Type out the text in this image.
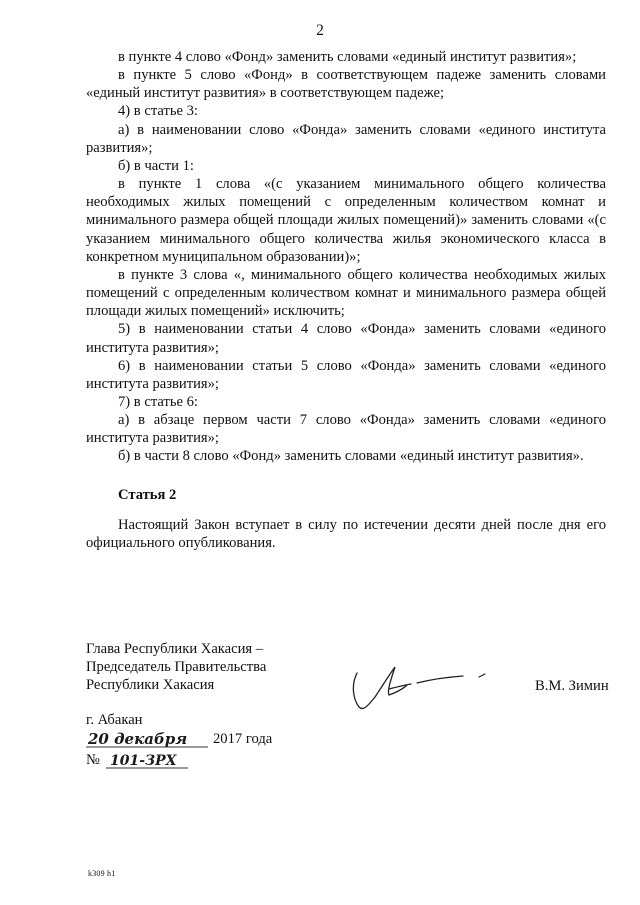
2

в пункте 4 слово «Фонд» заменить словами «единый институт развития»;

в пункте 5 слово «Фонд» в соответствующем падеже заменить словами «единый институт развития» в соответствующем падеже;

4) в статье 3:

а) в наименовании слово «Фонда» заменить словами «единого института развития»;

б) в части 1:

в пункте 1 слова «(с указанием минимального общего количества необходимых жилых помещений с определенным количеством комнат и минимального размера общей площади жилых помещений)» заменить словами «(с указанием минимального общего количества жилья экономического класса в конкретном муниципальном образовании)»;

в пункте 3 слова «, минимального общего количества необходимых жилых помещений с определенным количеством комнат и минимального размера общей площади жилых помещений» исключить;

5) в наименовании статьи 4 слово «Фонда» заменить словами «единого института развития»;

6) в наименовании статьи 5 слово «Фонда» заменить словами «единого института развития»;

7) в статье 6:

а) в абзаце первом части 7 слово «Фонда» заменить словами «единого института развития»;

б) в части 8 слово «Фонд» заменить словами «единый институт развития».

Статья 2

Настоящий Закон вступает в силу по истечении десяти дней после дня его официального опубликования.

Глава Республики Хакасия –
Председатель Правительства
Республики Хакасия	В.М. Зимин
г. Абакан
20 декабря 2017 года
№ 101-ЗРХ
k309 h1
